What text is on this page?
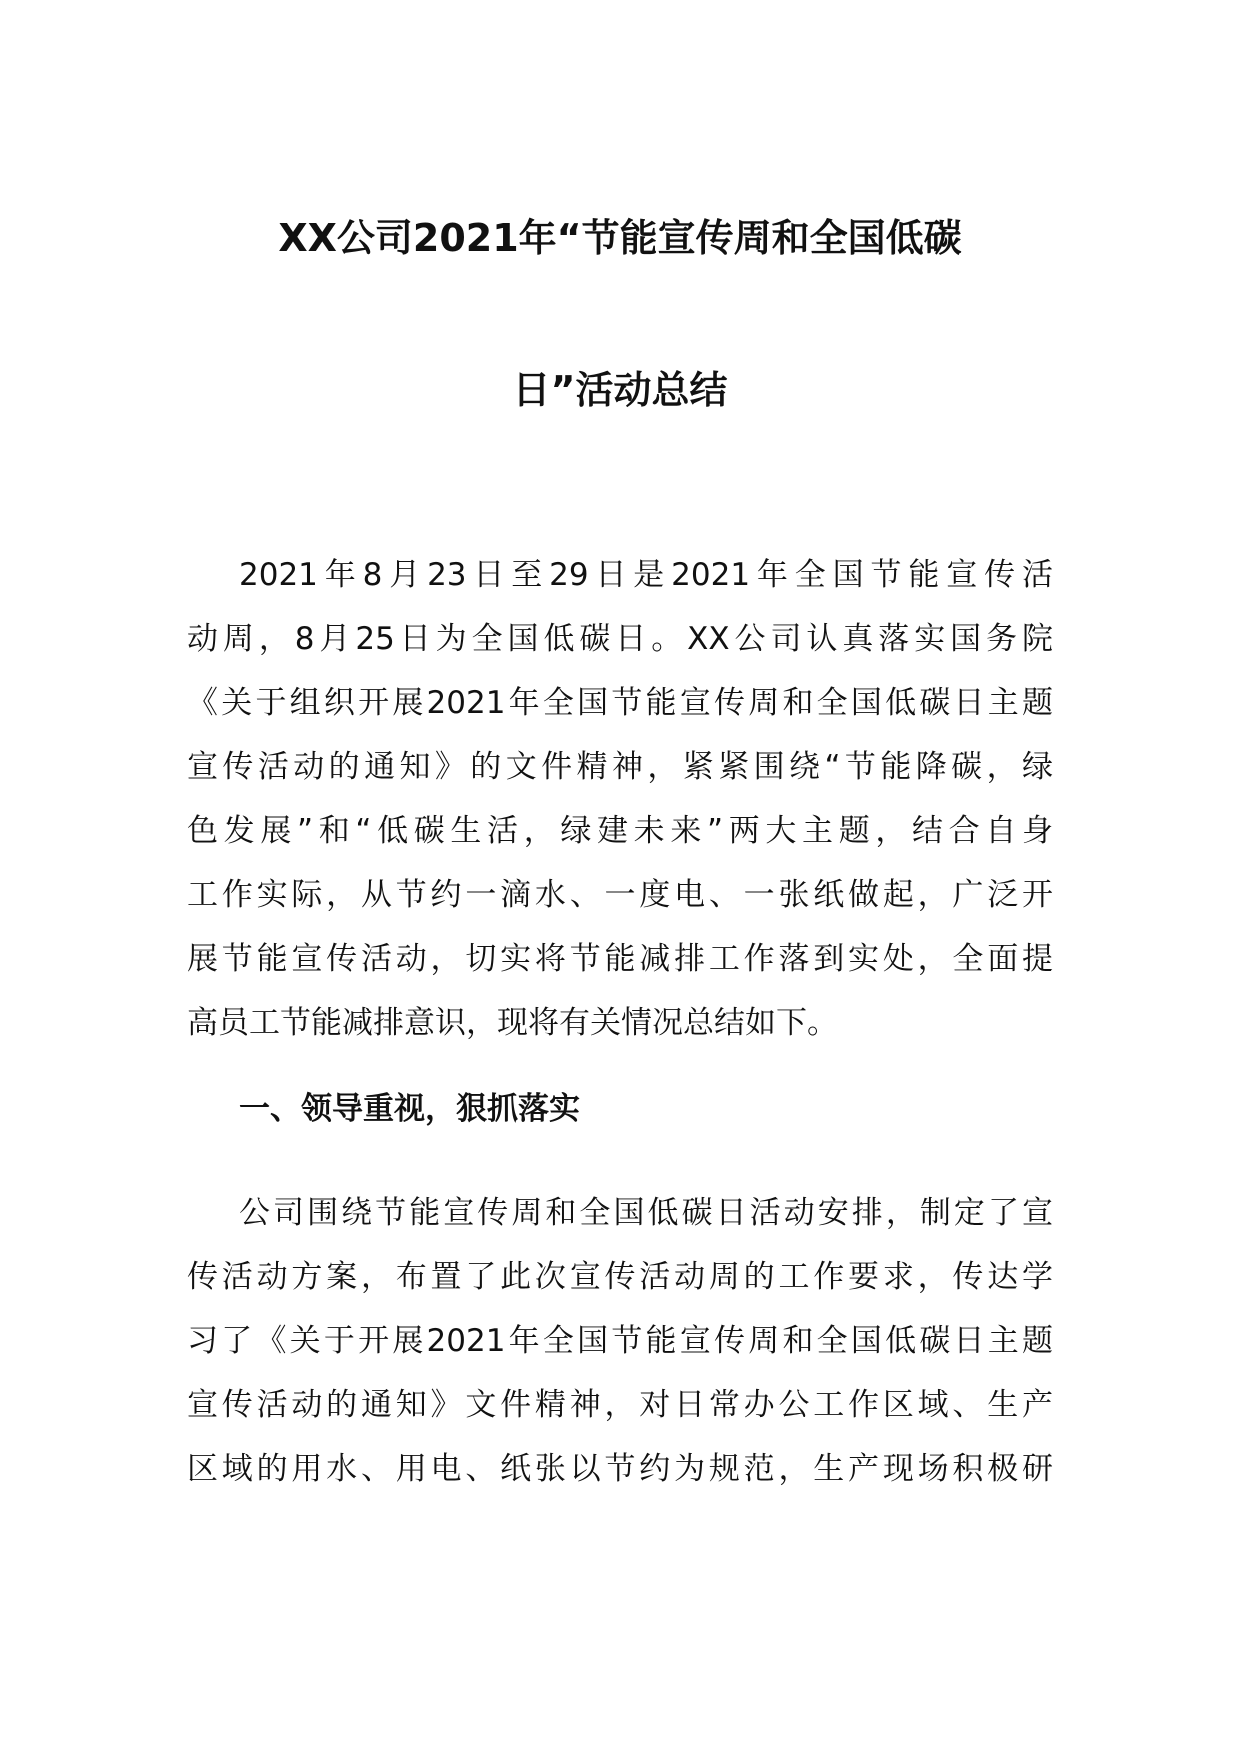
XX公司2021年“节能宣传周和全国低碳
日”活动总结
2021年8月23日至29日是2021年全国节能宣传活
动周，8月25日为全国低碳日。XX公司认真落实国务院
《关于组织开展2021年全国节能宣传周和全国低碳日主题
宣传活动的通知》的文件精神，紧紧围绕“节能降碳，绿
色发展”和“低碳生活，绿建未来”两大主题，结合自身
工作实际，从节约一滴水、一度电、一张纸做起，广泛开
展节能宣传活动，切实将节能减排工作落到实处，全面提
高员工节能减排意识，现将有关情况总结如下。
一、领导重视，狠抓落实
公司围绕节能宣传周和全国低碳日活动安排，制定了宣
传活动方案，布置了此次宣传活动周的工作要求，传达学
习了《关于开展2021年全国节能宣传周和全国低碳日主题
宣传活动的通知》文件精神，对日常办公工作区域、生产
区域的用水、用电、纸张以节约为规范，生产现场积极研
